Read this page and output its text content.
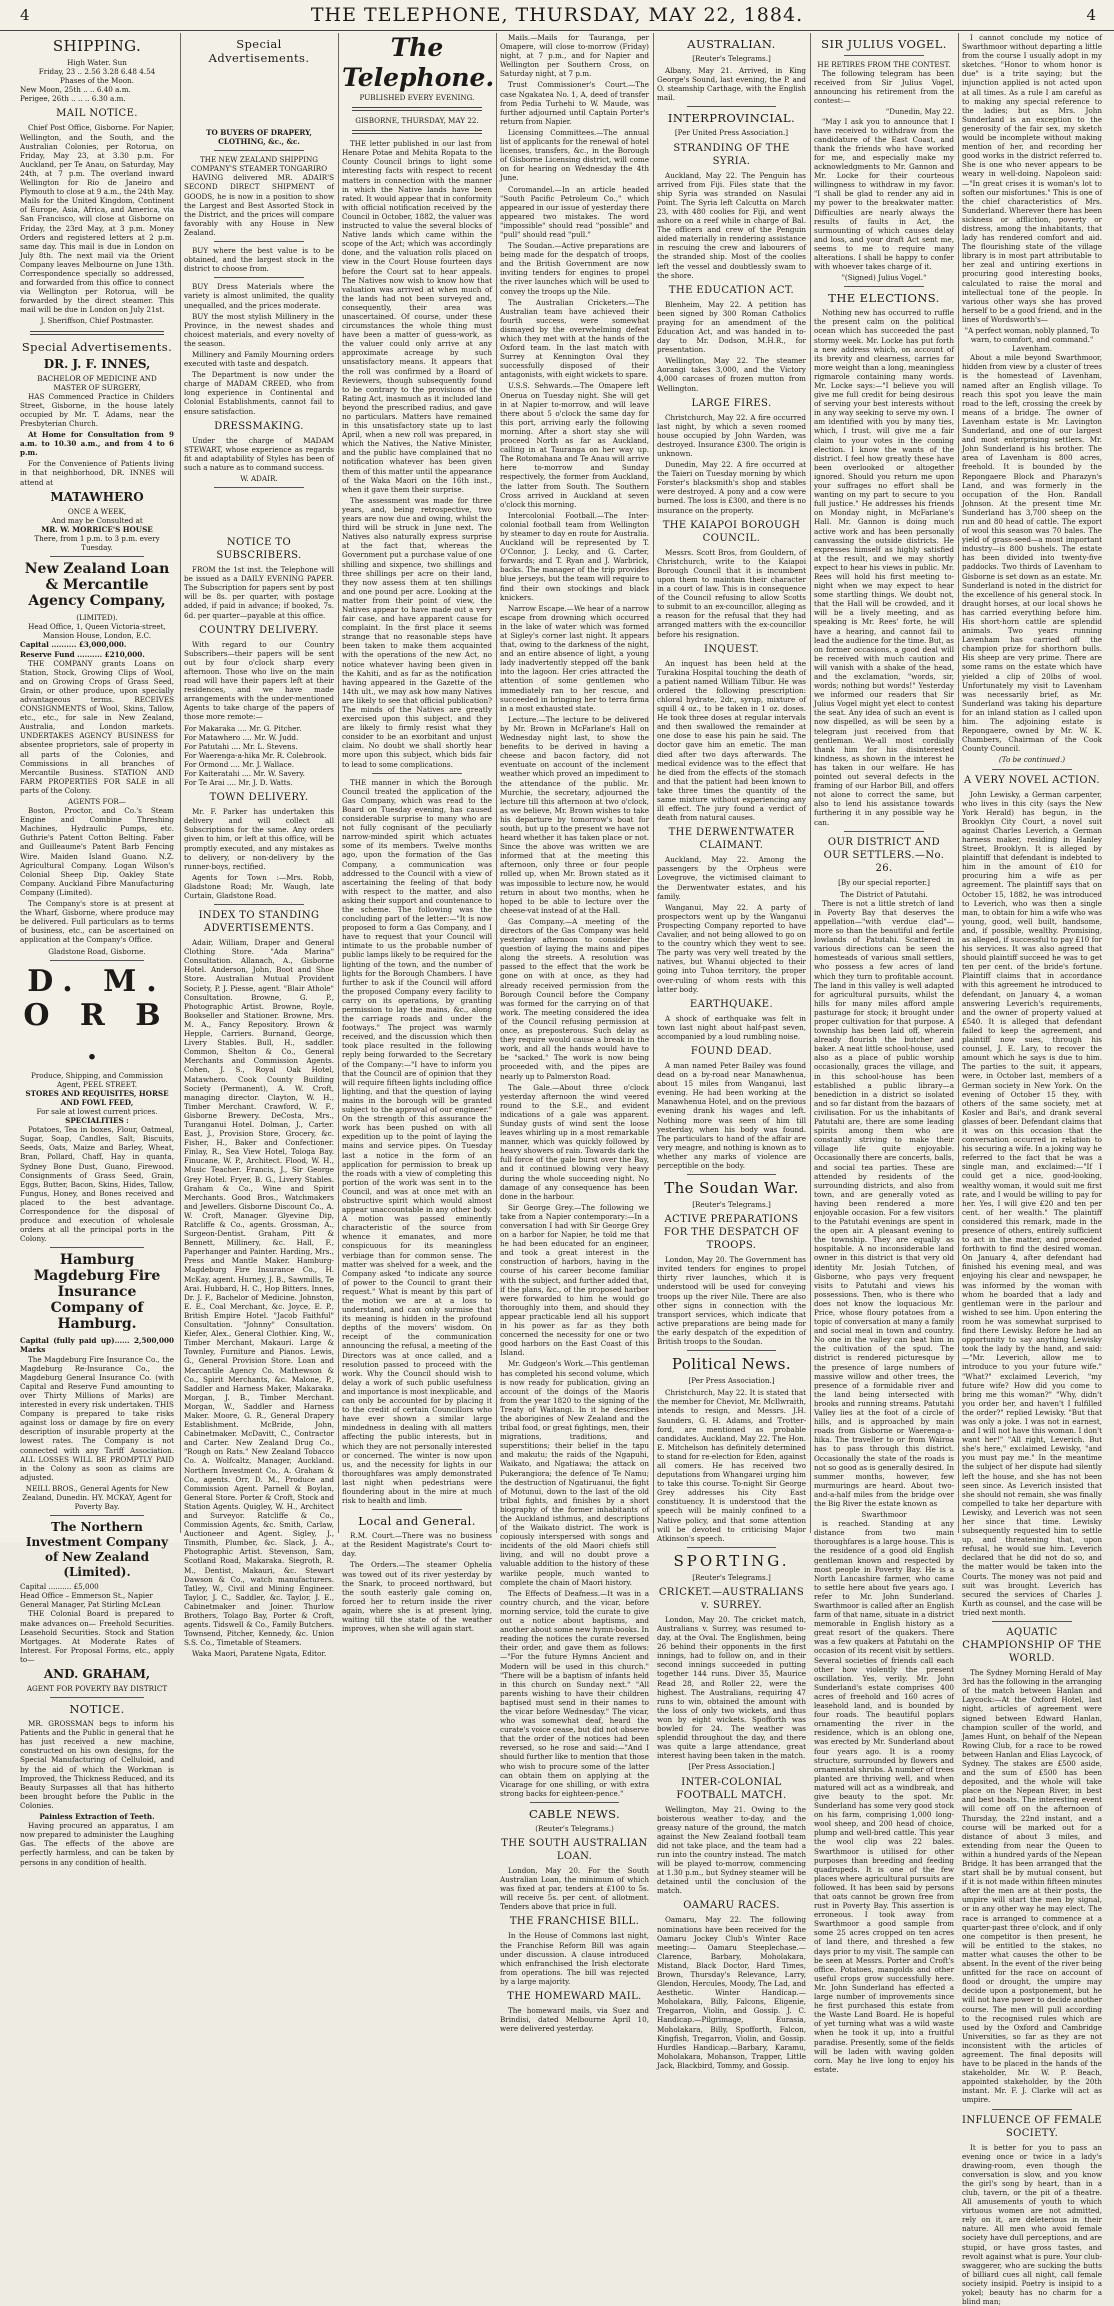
4	THE TELEPHONE, THURSDAY, MAY 22, 1884.	4
SHIPPING.
High Water. Sun
Friday, 23 .. 2.56 3.28 6.48 4.54
Phases of the Moon.
New Moon, 25th .. .. 6.40 a.m.
Perigee, 26th .. .. .. 6.30 a.m.
MAIL NOTICE.

Chief Post Office, Gisborne. For Napier, Wellington, and the South, and the Australian Colonies, per Rotorua, on Friday, May 23, at 3.30 p.m. For Auckland, per Te Anau, on Saturday, May 24th, at 7 p.m. The overland inward Wellington for Rio de Janeiro and Plymouth to close at 9 a.m., the 24th May. Mails for the United Kingdom, Continent of Europe, Asia, Africa, and America, via San Francisco, will close at Gisborne on Friday, the 23rd May, at 3 p.m. Money Orders and registered letters at 2 p.m. same day. This mail is due in London on July 8th. The next mail via the Orient Company leaves Melbourne on June 13th. Correspondence specially so addressed, and forwarded from this office to connect via Wellington per Rotorua, will be forwarded by the direct steamer. This mail will be due in London on July 21st.

J. Sheriffson, Chief Postmaster.
Special Advertisements.
DR. J. F. INNES,
BACHELOR OF MEDICINE AND MASTER OF SURGERY,

HAS Commenced Practice in Childers Street, Gisborne, in the house lately occupied by Mr. T. Adams, near the Presbyterian Church.

At Home for Consultation from 9 a.m. to 10.30 a.m., and from 4 to 6 p.m.

For the Convenience of Patients living in that neighborhood, DR. INNES will attend at

MATAWHERO
ONCE A WEEK,
And may be Consulted at
MR. W. MORRICE'S HOUSE
There, from 1 p.m. to 3 p.m. every Tuesday.
New Zealand Loan & Mercantile Agency Company,
(LIMITED).
Head Office, 1, Queen Victoria-street, Mansion House, London, E.C.
Capital .......... £3,000,000.
Reserve Fund .......... £210,000.

THE COMPANY grants Loans on Station, Stock, Growing Clips of Wool, and on Growing Crops of Grass Seed, Grain, or other produce, upon specially advantageous terms. RECEIVES CONSIGNMENTS of Wool, Skins, Tallow, etc., etc., for sale in New Zealand, Australia, and London markets. UNDERTAKES AGENCY BUSINESS for absentee proprietors, sale of property in all parts of the Colonies, and Commissions in all branches of Mercantile Business. STATION AND FARM PROPERTIES FOR SALE in all parts of the Colony.

AGENTS FOR—

Boston, Proctor, and Co.'s Steam Engine and Combine Threshing Machines, Hydraulic Pumps, etc. Guthrie's Patent Cotton Belting. Faber and Guilleaume's Patent Barb Fencing Wire. Maiden Island Guano. N.Z. Agricultural Company. Logan Wilson's Colonial Sheep Dip. Oakley State Company. Auckland Fibre Manufacturing Company (Limited).

The Company's store is at present at the Wharf, Gisborne, where produce may be delivered. Full particulars as to terms of business, etc., can be ascertained on application at the Company's Office.

Gladstone Road, Gisborne.
D. M. O R B .
Produce, Shipping, and Commission Agent, PEEL STREET.
STORES AND REQUISITES, HORSE AND FOWL FEED,
For sale at lowest current prices.
SPECIALITIES :

Potatoes, Tea in boxes, Flour, Oatmeal, Sugar, Soap, Candles, Salt, Biscuits, Seeds, Oats, Maize and Barley, Wheat, Bran, Pollard, Chaff, Hay in quanta, Sydney Bone Dust, Guano, Firewood. Consignments of Grass Seed, Grain, Eggs, Butter, Bacon, Skins, Hides, Tallow, Fungus, Honey, and Bones received and placed to the best advantage. Correspondence for the disposal of produce and execution of wholesale orders at all the principal ports in the Colony.

Hamburg Magdeburg Fire Insurance Company of Hamburg.
Capital (fully paid up)...... 2,500,000 Marks

The Magdeburg Fire Insurance Co., the Magdeburg Re-Insurance Co., the Magdeburg General Insurance Co. (with Capital and Reserve Fund amounting to over Thirty Millions of Marks) are interested in every risk undertaken. THIS Company is prepared to take risks against loss or damage by fire on every description of insurable property at the lowest rates. The Company is not connected with any Tariff Association. ALL LOSSES WILL BE PROMPTLY PAID in the Colony as soon as claims are adjusted.

NEILL BROS., General Agents for New Zealand, Dunedin. HY. MCKAY, Agent for Poverty Bay.
The Northern Investment Company of New Zealand (Limited).
Capital .......... £5,000
Head Office – Emmerson St., Napier
General Manager, Pat Stirling McLean

THE Colonial Board is prepared to make advances on— Freehold Securities. Leasehold Securities. Stock and Station Mortgages. At Moderate Rates of Interest. For Proposal Forms, etc., apply to—

AND. GRAHAM,
AGENT FOR POVERTY BAY DISTRICT
NOTICE.

MR. GROSSMAN begs to inform his Patients and the Public in general that he has just received a new machine, constructed on his own designs, for the Special Manufacturing of Celluloid, and by the aid of which the Workman is Improved, the Thickness Reduced, and its Beauty Surpasses all that has hitherto been brought before the Public in the Colonies.

Painless Extraction of Teeth.

Having procured an apparatus, I am now prepared to administer the Laughing Gas. The effects of the above are perfectly harmless, and can be taken by persons in any condition of health.

Special Advertisements.
TO BUYERS OF DRAPERY, CLOTHING, &c., &c.
THE NEW ZEALAND SHIPPING COMPANY'S STEAMER TONGARIRO

HAVING delivered MR. ADAIR'S SECOND DIRECT SHIPMENT of GOODS, he is now in a position to show the Largest and Best Assorted Stock in the District, and the prices will compare favorably with any House in New Zealand.

BUY where the best value is to be obtained, and the largest stock in the district to choose from.

BUY Dress Materials where the variety is almost unlimited, the quality unequalled, and the prices moderate.

BUY the most stylish Millinery in the Province, in the newest shades and choicest materials, and every novelty of the season.

Millinery and Family Mourning orders executed with taste and despatch.

The Department is now under the charge of MADAM CREED, who from long experience in Continental and Colonial Establishments, cannot fail to ensure satisfaction.

DRESSMAKING.

Under the charge of MADAM STEWART, whose experience as regards fit and adaptability of Styles has been of such a nature as to command success.

W. ADAIR.
NOTICE TO SUBSCRIBERS.

FROM the 1st inst. the Telephone will be issued as a DAILY EVENING PAPER. The Subscription for papers sent by post will be 8s. per quarter, with postage added, if paid in advance; if booked, 7s. 6d. per quarter—payable at this office.

COUNTRY DELIVERY.

With regard to our Country Subscribers—their papers will be sent out by four o'clock sharp every afternoon. Those who live on the main road will have their papers left at their residences, and we have made arrangements with the under-mentioned Agents to take charge of the papers of those more remote:—

For Makaraka .... Mr. G. Pitcher.
For Matawhero .... Mr. W. Judd.
For Patutahi .... Mr. L. Stevens.
For Waerenga-a-hika Mr. R. Colebrook.
For Ormond .... Mr. J. Wallace.
For Kaiteratahi .... Mr. W. Savery.
For Te Arai .... Mr. J. D. Watts.
TOWN DELIVERY.

Mr. F. Parker has undertaken this delivery and will collect all Subscriptions for the same. Any orders given to him, or left at this office, will be promptly executed, and any mistakes as to delivery, or non-delivery by the runner-boys, rectified.

Agents for Town :—Mrs. Robb, Gladstone Road; Mr. Waugh, late Curtain, Gladstone Road.

INDEX TO STANDING ADVERTISEMENTS.

Adair, William, Draper and General Clothing Store. "Ada Marina" Consultation. Allanach, A., Gisborne Hotel. Anderson, John, Boot and Shoe Store. Australian Mutual Provident Society, P. J. Piesse, agent. "Blair Athole" Consultation. Browne, G. P., Photographic Artist. Browne, Royle, Bookseller and Stationer. Browne, Mrs. M. A., Fancy Repository. Brown & Hepple, Carriers. Burnand, George, Livery Stables. Bull, H., saddler. Common, Shelton & Co., General Merchants and Commission Agents. Cohen, J. S., Royal Oak Hotel, Matawhero. Cook County Building Society (Permanent), A. W. Croft, managing director. Clayton, W. H., Timber Merchant. Crawford, W. F., Gisborne Brewery. DeCosta, Mrs., Turanganui Hotel. Dolman, J., Carter. East, J., Provision Store, Grocery, &c. Fisher, H., Baker and Confectioner. Finlay, R., Sea View Hotel, Tologa Bay. Finucane, W. P., Architect. Flood, W. H., Music Teacher. Francis, J., Sir George Grey Hotel. Fryer, B. G., Livery Stables. Graham & Co., Wine and Spirit Merchants. Good Bros., Watchmakers and Jewellers. Gisborne Discount Co., A. W. Croft, Manager. Glyevine Dip, Ratcliffe & Co., agents. Grossman, A., Surgeon-Dentist. Graham, Pitt & Bennett, Millinery, &c. Hall, F., Paperhanger and Painter. Harding, Mrs., Press and Mantle Maker. Hamburg-Magdeburg Fire Insurance Co., H. McKay, agent. Hurney, J. B., Sawmills, Te Arai. Hubbard, H. C., Hop Bitters. Innes, Dr. J. F., Bachelor of Medicine. Johnston, E. E., Coal Merchant, &c. Joyce, E. P., British Empire Hotel. "Jacob Faithful" Consultation. "Johnny" Consultation. Kiefer, Alex., General Clothier. King, W., Timber Merchant, Makauri. Large & Townley, Furniture and Pianos. Lewis, G., General Provision Store. Loan and Mercantile Agency Co. Mathewson & Co., Spirit Merchants, &c. Malone, P., Saddler and Harness Maker, Makaraka. Morgan, J. B., Timber Merchant. Morgan, W., Saddler and Harness Maker. Moore, G. R., General Drapery Establishment. McBride, John, Cabinetmaker. McDavitt, C., Contractor and Carter. New Zealand Drug Co., "Rough on Rats." New Zealand Tobacco Co. A. Wolfcaltz, Manager, Auckland. Northern Investment Co., A. Graham & Co., agents. Orr, D. M., Produce and Commission Agent. Parnell & Boylan, General Store. Porter & Croft, Stock and Station Agents. Quigley, W. H., Architect and Surveyor. Ratcliffe & Co., Commission Agents, &c. Smith, Carlaw, Auctioneer and Agent. Sigley, J., Tinsmith, Plumber, &c. Slack, J. A., Photographic Artist. Stevenson, Sam, Scotland Road, Makaraka. Siegroth, R. M., Dentist, Makauri, &c. Stewart Dawson & Co., watch manufacturers. Tatley, W., Civil and Mining Engineer. Taylor, J. C., Saddler, &c. Taylor, J. E., Cabinetmaker and Joiner. Thurlow Brothers, Tolago Bay, Porter & Croft, agents. Tidswell & Co., Family Butchers. Townsend, Pitcher, Kennedy, &c. Union S.S. Co., Timetable of Steamers.

Waka Maori, Paratene Ngata, Editor.

The Telephone.
PUBLISHED EVERY EVENING.
GISBORNE, THURSDAY, MAY 22.

THE letter published in our last from Henare Potae and Mehita Ropata to the County Council brings to light some interesting facts with respect to recent matters in connection with the manner in which the Native lands have been rated. It would appear that in conformity with official notification received by the Council in October, 1882, the valuer was instructed to value the several blocks of Native lands which came within the scope of the Act; which was accordingly done, and the valuation rolls placed on view in the Court House fourteen days before the Court sat to hear appeals. The Natives now wish to know how that valuation was arrived at when much of the lands had not been surveyed and, consequently, their area was unascertained. Of course, under these circumstances the whole thing must have been a matter of guess-work, as the valuer could only arrive at any approximate acreage by such unsatisfactory means. It appears that the roll was confirmed by a Board of Reviewers, though subsequently found to be contrary to the provisions of the Rating Act, inasmuch as it included land beyond the prescribed radius, and gave no particulars. Matters have remained in this unsatisfactory state up to last April, when a new roll was prepared, in which the Natives, the Native Minister, and the public have complained that no notification whatever has been given them of this matter until the appearance of the Waka Maori on the 16th inst., when it gave them their surprise.

The assessment was made for three years, and, being retrospective, two years are now due and owing, whilst the third will be struck in June next. The Natives also naturally express surprise at the fact that, whereas the Government put a purchase value of one shilling and sixpence, two shillings and three shillings per acre on their land, they now assess them at ten shillings and one pound per acre. Looking at the matter from their point of view, the Natives appear to have made out a very fair case, and have apparent cause for complaint. In the first place it seems strange that no reasonable steps have been taken to make them acquainted with the operations of the new Act, no notice whatever having been given in the Kahiti, and as far as the notification having appeared in the Gazette of the 14th ult., we may ask how many Natives are likely to see that official publication? The minds of the Natives are greatly exercised upon this subject, and they are likely to firmly resist what they consider to be an exorbitant and unjust claim. No doubt we shall shortly hear more upon this subject, which bids fair to lead to some complications.

THE manner in which the Borough Council treated the application of the Gas Company, which was read to the Board on Tuesday evening, has caused considerable surprise to many who are not fully cognisant of the peculiarly narrow-minded spirit which actuates some of its members. Twelve months ago, upon the formation of the Gas Company, a communication was addressed to the Council with a view of ascertaining the feeling of that body with respect to the matter, and also asking their support and countenance to the scheme. The following was the concluding part of the letter:—"It is now proposed to form a Gas Company, and I have to request that your Council will intimate to us the probable number of public lamps likely to be required for the lighting of the town, and the number of lights for the Borough Chambers. I have further to ask if the Council will afford the proposed Company every facility to carry on its operations, by granting permission to lay the mains, &c., along the carriage roads and under the footways." The project was warmly received, and the discussion which then took place resulted in the following reply being forwarded to the Secretary of the Company:—"I have to inform you that the Council are of opinion that they will require fifteen lights including office lighting, and that the question of laying mains in the borough will be granted subject to the approval of our engineer." On the strength of this assurance the work has been pushed on with all expedition up to the point of laying the mains and service pipes. On Tuesday last a notice in the form of an application for permission to break up the roads with a view of completing this portion of the work was sent in to the Council, and was at once met with an obstructive spirit which would almost appear unaccountable in any other body. A motion was passed eminently characteristic of the source from whence it emanates, and more conspicuous for its meaningless verbiage than for common sense. The matter was shelved for a week, and the Company asked "to indicate any source of power to the Council to grant their request." What is meant by this part of the motion we are at a loss to understand, and can only surmise that its meaning is hidden in the profound depths of the movers' wisdom. On receipt of the communication announcing the refusal, a meeting of the Directors was at once called, and a resolution passed to proceed with the work. Why the Council should wish to delay a work of such public usefulness and importance is most inexplicable, and can only be accounted for by placing it to the credit of certain Councillors who have ever shown a similar large mindedness in dealing with all matters affecting the public interests, but in which they are not personally interested or concerned. The winter is now upon us, and the necessity for lights in our thoroughfares was amply demonstrated last night when pedestrians were floundering about in the mire at much risk to health and limb.

Local and General.

R.M. Court.—There was no business at the Resident Magistrate's Court to-day.

The Orders.—The steamer Ophelia was towed out of its river yesterday by the Snark, to proceed northward, but the south easterly gale coming on, forced her to return inside the river again, where she is at present lying, waiting till the state of the weather improves, when she will again start.

Mails.—Mails for Tauranga, per Omapere, will close to-morrow (Friday) night, at 7 p.m., and for Napier and Wellington per Southern Cross, on Saturday night, at 7 p.m.

Trust Commissioner's Court.—The case Ngakatea No. 1, A, deed of transfer from Pedia Turhehi to W. Maude, was further adjourned until Captain Porter's return from Napier.

Licensing Committees.—The annual list of applicants for the renewal of hotel licenses, transfers, &c., in the Borough of Gisborne Licensing district, will come on for hearing on Wednesday the 4th June.

Coromandel.—In an article headed "South Pacific Petroleum Co.," which appeared in our issue of yesterday there appeared two mistakes. The word "impossible" should read "possible" and "pull" should read "pull."

The Soudan.—Active preparations are being made for the despatch of troops, and the British Government are now inviting tenders for engines to propel the river launches which will be used to convey the troops up the Nile.

The Australian Cricketers.—The Australian team have achieved their fourth success, were somewhat dismayed by the overwhelming defeat which they met with at the hands of the Oxford team. In the last match with Surrey at Kennington Oval they successfully disposed of their antagonists, with eight wickets to spare.

U.S.S. Sehwards.—The Omapere left Onerua on Tuesday night. She will get in at Napier to-morrow, and will leave there about 5 o'clock the same day for this port, arriving early the following morning. After a short stay she will proceed North as far as Auckland, calling in at Tauranga on her way up. The Rotomahana and Te Anau will arrive here to-morrow and Sunday respectively, the former from Auckland, the latter from South. The Southern Cross arrived in Auckland at seven o'clock this morning.

Intercolonial Football.—The Inter-colonial football team from Wellington by steamer to day en route for Australia. Auckland will be represented by T. O'Connor, J. Lecky, and G. Carter, forwards; and T. Ryan and J. Warbrick, backs. The manager of the trip provides blue jerseys, but the team will require to find their own stockings and black knickers.

Narrow Escape.—We hear of a narrow escape from drowning which occurred in the lake of water which was formed at Sigley's corner last night. It appears that, owing to the darkness of the night, and an entire absence of light, a young lady inadvertently stepped off the bank into the lagoon. Her cries attracted the attention of some gentlemen who immediately ran to her rescue, and succeeded in bringing her to terra firma in a most exhausted state.

Lecture.—The lecture to be delivered by Mr. Brown in McFarlane's Hall on Wednesday night last, to show the benefits to be derived in having a cheese and bacon factory, did not eventuate on account of the inclement weather which proved an impediment to the attendance of the public. Mr. Murchie, the secretary, adjourned the lecture till this afternoon at two o'clock, as we believe, Mr. Brown wishes to take his departure by tomorrow's boat for south, but up to the present we have not heard whether it has taken place or not. Since the above was written we are informed that at the meeting this afternoon, only three or four people rolled up, when Mr. Brown stated as it was impossible to lecture now, he would return in about two months, when he hoped to be able to lecture over the cheese-vat instead of at the Hall.

Gas Company.—A meeting of the directors of the Gas Company was held yesterday afternoon to consider the question of laying the mains and pipes along the streets. A resolution was passed to the effect that the work be gone on with at once, as they had already received permission from the Borough Council before the Company was formed for the carrying on of that work. The meeting considered the idea of the Council refusing permission at once, as preposterous. Such delay as they require would cause a break in the work, and all the hands would have to be "sacked." The work is now being proceeded with, and the pipes are nearly up to Palmerston Road.

The Gale.—About three o'clock yesterday afternoon the wind veered round to the S.E., and evident indications of a gale was apparent. Sunday gusts of wind sent the loose leaves whirling up in a most remarkable manner, which was quickly followed by heavy showers of rain. Towards dark the full force of the gale burst over the Bay, and it continued blowing very heavy during the whole succeeding night. No damage of any consequence has been done in the harbour.

Sir George Grey.—The following we take from a Napier contemporary:—In a conversation I had with Sir George Grey on a harbor for Napier, he told me that he had been educated for an engineer, and took a great interest in the construction of harbors, having in the course of his career become familiar with the subject, and further added that, if the plans, &c., of the proposed harbor were forwarded to him he would go thoroughly into them, and should they appear practicable lend all his support in his power as far as they both concerned the necessity for one or two good harbors on the East Coast of this Island.

Mr. Gudgeon's Work.—This gentleman has completed his second volume, which is now ready for publication, giving an account of the doings of the Maoris from the year 1820 to the signing of the Treaty of Waitangi. In it he describes the aborigines of New Zealand and the tribal food, or great fightings, men, their migrations, traditions, and superstitions; their belief in the tapu and makutu; the raids of the Ngapuhi, Waikato, and Ngatiawa; the attack on Pukerangiora; the defence of Te Namu; the destruction of Ngatiruanui, the fight of Motunui, down to the last of the old tribal fights, and finishes by a short biography of the former inhabitants of the Auckland isthmus, and descriptions of the Waikato district. The work is copiously interspersed with songs and incidents of the old Maori chiefs still living, and will no doubt prove a valuable addition to the history of these warlike people, much wanted to complete the chain of Maori history.

The Effects of Deafness.—It was in a country church, and the vicar, before morning service, told the curate to give out a notice about baptisms, and another about some new hymn-books. In reading the notices the curate reversed their order, and gave them as follows:—"For the future Hymns Ancient and Modern will be used in this church." "There will be a baptism of infants held in this church on Sunday next." "All parents wishing to have their children baptised must send in their names to the vicar before Wednesday." The vicar, who was somewhat deaf, heard the curate's voice cease, but did not observe that the order of the notices had been reversed, so he rose and said:—"And I should further like to mention that those who wish to procure some of the latter can obtain them on applying at the Vicarage for one shilling, or with extra strong backs for eighteen-pence."

CABLE NEWS.
(Reuter's Telegrams.)
THE SOUTH AUSTRALIAN LOAN.

London, May 20. For the South Australian Loan, the minimum of which was fixed at par, tenders at £100 to 5s. will receive 5s. per cent. of allotment. Tenders above that price in full.

THE FRANCHISE BILL.

In the House of Commons last night, the Franchise Reform Bill was again under discussion. A clause introduced which enfranchised the Irish electorate from operations. The bill was rejected by a large majority.

THE HOMEWARD MAIL.

The homeward mails, via Suez and Brindisi, dated Melbourne April 10, were delivered yesterday.

AUSTRALIAN.
[Reuter's Telegrams.]

Albany, May 21. Arrived, in King George's Sound, last evening, the P. and O. steamship Carthage, with the English mail.

INTERPROVINCIAL.
[Per United Press Association.]
STRANDING OF THE SYRIA.

Auckland, May 22. The Penguin has arrived from Fiji. Files state that the ship Syria was stranded on Nasulai Point. The Syria left Calcutta on March 23, with 480 coolies for Fiji, and went ashore on a reef while in charge of Bal. The officers and crew of the Penguin aided materially in rendering assistance in rescuing the crew and labourers of the stranded ship. Most of the coolies left the vessel and doubtlessly swam to the shore.

THE EDUCATION ACT.

Blenheim, May 22. A petition has been signed by 300 Roman Catholics praying for an amendment of the Education Act, and was handed in to-day to Mr. Dodson, M.H.R., for presentation.

Wellington, May 22. The steamer Aorangi takes 3,000, and the Victory 4,000 carcases of frozen mutton from Wellington.

LARGE FIRES.

Christchurch, May 22. A fire occurred last night, by which a seven roomed house occupied by John Warden, was destroyed. Insurance £300. The origin is unknown.

Dunedin, May 22. A fire occurred at the Taieri on Tuesday morning by which Forster's blacksmith's shop and stables were destroyed. A pony and a cow were burned. The loss is £300, and there is no insurance on the property.

THE KAIAPOI BOROUGH COUNCIL.

Messrs. Scott Bros, from Gouldern, of Christchurch, write to the Kaiapoi Borough Council that it is incumbent upon them to maintain their character in a court of law. This is in consequence of the Council refusing to allow Scotts to submit to an ex-councillor, alleging as a reason for the refusal that they had arranged matters with the ex-councillor before his resignation.

INQUEST.

An inquest has been held at the Turakina Hospital touching the death of a patient named William Tilbur. He was ordered the following prescription: chloral hydrate, 2dr., syrup, mixture of squill 4 oz., to be taken in 1 oz. doses. He took three doses at regular intervals and then swallowed the remainder at one dose to ease his pain he said. The doctor gave him an emetic. The man died after two days afterwards. The medical evidence was to the effect that he died from the effects of the stomach and that the patient had been known to take three times the quantity of the same mixture without experiencing any ill effect. The jury found a verdict of death from natural causes.

THE DERWENTWATER CLAIMANT.

Auckland, May 22. Among the passengers by the Orpheus were Lovegrove, the victimised claimant to the Derwentwater estates, and his family.

Wanganui, May 22. A party of prospectors went up by the Wanganui Prospecting Company reported to have Cavalier, and not being allowed to go on to the country which they went to see. The party was very well treated by the natives, but Whanui objected to their going into Tuhoa territory, the proper over-ruling of whom rests with this latter body.

EARTHQUAKE.

A shock of earthquake was felt in town last night about half-past seven, accompanied by a loud rumbling noise.

FOUND DEAD.

A man named Peter Bailey was found dead on a by-road near Manawhenua, about 15 miles from Wanganui, last evening. He had been working at the Manawhenua Hotel, and on the previous evening drank his wages and left. Nothing more was seen of him till yesterday, when his body was found. The particulars to hand of the affair are very meagre, and nothing is known as to whether any marks of violence are perceptible on the body.

The Soudan War.
[Reuter's Telegrams.]
ACTIVE PREPARATIONS FOR THE DESPATCH OF TROOPS.

London, May 20. The Government has invited tenders for engines to propel thirty river launches, which it is understood will be used for conveying troops up the river Nile. There are also other signs in connection with the transport services, which indicate that active preparations are being made for the early despatch of the expedition of British troops to the Soudan.

Political News.
[Per Press Association.]

Christchurch, May 22. It is stated that the member for Cheviot, Mr. McIlwraith, intends to resign, and Messrs. J.H. Saunders, G. H. Adams, and Trotter-ford, are mentioned as probable candidates. Auckland, May 22. The Hon. E. Mitchelson has definitely determined to stand for re-election for Eden, against all comers. He has received two deputations from Whangarei urging him to take this course. To-night Sir George Grey addresses his City East constituency. It is understood that the speech will be mainly confined to a Native policy, and that some attention will be devoted to criticising Major Atkinson's speech.

SPORTING.
[Reuter's Telegrams.]
CRICKET.—AUSTRALIANS v. SURREY.

London, May 20. The cricket match, Australians v. Surrey, was resumed to-day, at the Oval. The Englishmen, being 26 behind their opponents in the first innings, had to follow on, and in their second innings succeeded in putting together 144 runs. Diver 35, Maurice Read 28, and Roller 22, were the highest. The Australians, requiring 47 runs to win, obtained the amount with the loss of only two wickets, and thus won by eight wickets. Spofforth was bowled for 24. The weather was splendid throughout the day, and there was quite a large attendance, great interest having been taken in the match.

[Per Press Association.]
INTER-COLONIAL FOOTBALL MATCH.

Wellington, May 21. Owing to the boisterous weather to-day, and the greasy nature of the ground, the match against the New Zealand football team did not take place, and the team had a run into the country instead. The match will be played to-morrow, commencing at 1.30 p.m., but Sydney steamer will be detained until the conclusion of the match.

OAMARU RACES.

Oamaru, May 22. The following nominations have been received for the Oamaru Jockey Club's Winter Race meeting:— Oamaru Steeplechase.—Clarence, Barbary, Moholakara, Mistand, Black Doctor, Hard Times, Brown, Thursday's Relevance, Larry, Glendon, Hercules, Moody, The Lad, and Aesthetic. Winter Handicap.—Moholakara, Billy, Falcons, Eligenie, Tregarron, Violin, and Gossip. J. C. Handicap.—Pilgrimage, Eurasia, Moholakara, Billy, Spofforth, Falcon, Kingfish, Tregarron, Violin, and Gossip. Hurdles Handicap.—Barbary, Karamu, Moholakara, Mohanson, Trapper, Little Jack, Blackbird, Tommy, and Gossip.

SIR JULIUS VOGEL.
HE RETIRES FROM THE CONTEST.

The following telegram has been received from Sir Julius Vogel, announcing his retirement from the contest:—

"Dunedin, May 22.

"May I ask you to announce that I have received to withdraw from the candidature of the East Coast, and thank the friends who have worked for me, and especially make my acknowledgments to Mr. Gannon and Mr. Locke for their courteous willingness to withdraw in my favor. "I shall be glad to render any aid in my power to the breakwater matter. Difficulties are nearly always the results of faults in Act, the surmounting of which causes delay and loss, and your draft Act sent me, seems to me to require many alterations. I shall be happy to confer with whoever takes charge of it.

"(Signed) Julius Vogel."
THE ELECTIONS.

Nothing new has occurred to ruffle the present calm on the political ocean which has succeeded the past stormy week. Mr. Locke has put forth a new address which, on account of its brevity and clearness, carries far more weight than a long, meaningless rigmarole containing many words. Mr. Locke says:—"I believe you will give me full credit for being desirous of serving your best interests without in any way seeking to serve my own. I am identified with you by many ties, which, I trust, will give me a fair claim to your votes in the coming election. I know the wants of the district. I feel how greatly these have been overlooked or altogether ignored. Should you return me upon your suffrages no effort shall be wanting on my part to secure to you full justice." He addresses his friends on Monday night, in McFarlane's Hall. Mr. Gannon is doing much active work and has been personally canvassing the outside districts. He expresses himself as highly satisfied at the result, and we may shortly expect to hear his views in public. Mr. Rees will hold his first meeting to-night when we may expect to hear some startling things. We doubt not, that the Hall will be crowded, and it will be a lively meeting, and as speaking is Mr. Rees' forte, he will have a hearing, and cannot fail to lead the audience for the time. But, as on former occasions, a good deal will be received with much caution and will vanish with a shake of the head, and the exclamation, "words, sir, words; nothing but words!" Yesterday we informed our readers that Sir Julius Vogel might yet elect to contest the seat. Any idea of such an event is now dispelled, as will be seen by a telegram just received from that gentleman. We-all most cordially thank him for his disinterested kindness, as shown in the interest he has taken in our welfare. He has pointed out several defects in the framing of our Harbor Bill, and offers not alone to correct the same, but also to lend his assistance towards furthering it in any possible way he can.

OUR DISTRICT AND OUR SETTLERS.—No. 26.
[By our special reporter.]
The District of Patutahi.

There is not a little stretch of land in Poverty Bay that deserves the appellation—"with verdue clad"—more so than the beautiful and fertile lowlands of Patutahi. Scattered in various directions can be seen the homesteads of various small settlers, who possess a few acres of land which they turn to profitable account. The land in this valley is well adapted for agricultural pursuits, whilst the hills for many miles afford ample pasturage for stock; it brought under proper cultivation for that purpose. A township has been laid off, wherein already flourish the butcher and baker. A neat little school-house, used also as a place of public worship occasionally, graces the village, and in this school-house has been established a public library—a benediction in a district so isolated and so far distant from the bazaars of civilisation. For us the inhabitants of Patutahi are, there are some leading spirits among them who are constantly striving to make their village life quite enjoyable. Occasionally there are concerts, balls, and social tea parties. These are attended by residents of the surrounding districts, and also from town, and are generally voted as having been rendered a more enjoyable occasion. For a few visitors to the Patutahi evenings are spent in the open air. A pleasant evening to the township. They are equally as hospitable. A no inconsiderable land owner in this district is that very old identity Mr. Josiah Tutchen, of Gisborne, who pays very frequent visits to Patutahi and views his possessions. Then, who is there who does not know the loquacious Mr. Price, whose floury potatoes from a topic of conversation at many a family and social meal in town and country. No one in the valley can beat him in the cultivation of the spud. The district is rendered picturesque by the presence of large numbers of massive willow and other trees, the presence of a formidable river and the land being intersected with brooks and running streams. Patutahi Valley lies at the foot of a circle of hills, and is approached by main roads from Gisborne or Waerenga-a-hika. The traveller to or from Wairoa has to pass through this district. Occasionally the state of the roads is not so good as is generally desired. In summer months, however, few murmurings are heard. About two-and-a-half miles from the bridge over the Big River the estate known as

Swarthmoor

is reached. Standing at any distance from two main thoroughfares is a large house. This is the residence of a good old English gentleman known and respected by most people in Poverty Bay. He is a North Lancashire farmer, who came to settle here about five years ago. I refer to Mr. John Sunderland. Swarthmoor is called after an English farm of that name, situate in a district memorable in English history as a great resort of the quakers. There was a few quakers at Patutahi on the occasion of its recent visit by settlers. Several societies of friends call each other how violently the present oscillation. Yes, verily. Mr. John Sunderland's estate comprises 400 acres of freehold and 160 acres of leasehold land, and is bounded by four roads. The beautiful poplars ornamenting the river in the residence, which is an oblong one, was erected by Mr. Sunderland about four years ago. It is a roomy structure, surrounded by flowers and ornamental shrubs. A number of trees planted are thriving well, and when matured will act as a windbreak, and give beauty to the spot. Mr. Sunderland has some very good stock on his farm, comprising 1,000 long-wool sheep, and 200 head of choice, plump and well-bred cattle. This year the wool clip was 22 bales. Swarthmoor is utilised for other purposes than breeding and feeding quadrupeds. It is one of the few places where agricultural pursuits are followed. It has been said by persons that oats cannot be grown free from rust in Poverty Bay. This assertion is erroneous. I took away from Swarthmoor a good sample from some 25 acres cropped on ten acres of land there, and threshed a few days prior to my visit. The sample can be seen at Messrs. Porter and Croft's office. Potatoes, mangolds and other useful crops grow successfully here. Mr. John Sunderland has effected a large number of improvements since he first purchased this estate from the Waste Land Board. He is hopeful of yet turning what was a wild waste when he took it up, into a fruitful paradise. Presently, some of the fields will be laden with waving golden corn. May he live long to enjoy his estate.

I cannot conclude my notice of Swarthmoor without departing a little from the course I usually adopt in my sketches. "Honor to whom honor is due" is a trite saying; but the injunction applied is not acted upon at all times. As a rule I am careful as to making any special reference to the ladies; but as Mrs. John Sunderland is an exception to the generosity of the fair sex, my sketch would be incomplete without making mention of her, and recording her good works in the district referred to. She is one who never appears to be weary in well-doing. Napoleon said:—"In great crises it is woman's lot to soften our misfortunes." This is one of the chief characteristics of Mrs. Sunderland. Wherever there has been sickness or affliction, poverty or distress, among the inhabitants, that lady has rendered comfort and aid. The flourishing state of the village library is in most part attributable to her zeal and untiring exertions in procuring good interesting books, calculated to raise the moral and intellectual tone of the people. In various other ways she has proved herself to be a good friend, and in the lines of Wordsworth's—

"A perfect woman, nobly planned, To warn, to comfort, and command."
Lavenham.

About a mile beyond Swarthmoor, hidden from view by a cluster of trees is the homestead of Lavenham, named after an English village. To reach this spot you leave the main road to the left, crossing the creek by means of a bridge. The owner of Lavenham estate is Mr. Lavington Sunderland, and one of our largest and most enterprising settlers. Mr. John Sunderland is his brother. The area of Lavenham is 800 acres, freehold. It is bounded by the Repongaere Block and Pharazyn's Land, and was formerly in the occupation of the Hon. Randall Johnson. At the present time Mr. Sunderland has 3,700 sheep on the run and 80 head of cattle. The export of wool this season was 70 bales. The yield of grass-seed—a most important industry—is 800 bushels. The estate has been divided into twenty-five paddocks. Two thirds of Lavenham to Gisborne is set down as an estate. Mr. Sunderland is noted in the district for the excellence of his general stock. In draught horses, at our local shows he has carried everything before him. His short-horn cattle are splendid animals. Two years running Lavenham has carried off the champion prize for shorthorn bulls. His sheep are very prime. There are some rams on the estate which have yielded a clip of 20lbs of wool. Unfortunately my visit to Lavenham was necessarily brief, as Mr. Sunderland was taking his departure for an inland station as I called upon him. The adjoining estate is Repongaere, owned by Mr. W. K. Chambers, Chairman of the Cook County Council.

(To be continued.)
A VERY NOVEL ACTION.

John Lewisky, a German carpenter, who lives in this city (says the New York Herald) has begun, in the Brooklyn City Court, a novel suit against Charles Leverich, a German harness maker, residing in Hanley Street, Brooklyn. It is alleged by plaintiff that defendant is indebted to him in the amount of £10 for procuring him a wife as per agreement. The plaintiff says that on October 15, 1882, he was introduced to Leverich, who was then a single man, to obtain for him a wife who was young, good, well built, handsome, and, if possible, wealthy. Promising, as alleged, if successful to pay £10 for his services. It was also agreed that should plaintiff succeed he was to get ten per cent. of the bride's fortune. Plaintiff claims that in accordance with this agreement he introduced to defendant, on January 4, a woman answering Leverich's requirements, and the owner of property valued at £540. It is alleged that defendant failed to keep the agreement, and plaintiff now sues, through his counsel, J. E. Lary, to recover the amount which he says is due to him. The parties to the suit, it appears, were, in October last, members of a German society in New York. On the evening of October 15 they, with others of the same society, met at Kosler and Bai's, and drank several glasses of beer. Defendant claims that it was on this occasion that the conversation occurred in relation to his securing a wife. In a joking way he referred to the fact that he was a single man, and exclaimed:—"If I could get a nice, good-looking, wealthy woman, it would suit me first rate, and I would be willing to pay for her. Yes, I will give £20 and ten per cent. of her wealth." The plaintiff considered this remark, made in the presence of others, entirely sufficient to act in the matter, and proceeded forthwith to find the desired woman. On January 4, after defendant had finished his evening meal, and was enjoying his clear and newspaper, he was informed by the woman with whom he boarded that a lady and gentleman were in the parlour and wished to see him. Upon entering the room he was somewhat surprised to find there Lewisky. Before he had an opportunity to say anything Lewisky took the lady by the hand, and said:—"Mr. Leverich, allow me to introduce to you your future wife." "What?" exclaimed Leverich, "my future wife? How did you come to bring me this woman?" "Why, didn't you order her, and haven't I fulfilled the order?" replied Lewisky. "But that was only a joke. I was not in earnest, and I will not have this woman. I don't want her!" "All right, Leverich. But she's here," exclaimed Lewisky, "and you must pay me." In the meantime the subject of her dispute had silently left the house, and she has not been seen since. As Leverich insisted that she should not remain, she was finally compelled to take her departure with Lewisky, and Leverich was not seen her since that time. Lewisky subsequently requested him to settle up, and threatening that, upon refusal, he would sue him. Leverich declared that he did not do so, and the matter would be taken into the Courts. The money was not paid and suit was brought. Leverich has secured the services of Charles J. Kurth as counsel, and the case will be tried next month.

AQUATIC CHAMPIONSHIP OF THE WORLD.

The Sydney Morning Herald of May 3rd has the following in the arranging of the match between Hanlan and Laycock:—At the Oxford Hotel, last night, articles of agreement were signed between Edward Hanlan, champion sculler of the world, and James Hunt, on behalf of the Nepean Rowing Club, for a race to be rowed between Hanlan and Elias Laycock, of Sydney. The stakes are £500 aside, and the sum of £500 has been deposited, and the whole will take place on the Nepean River, in best and best boats. The interesting event will come off on the afternoon of Thursday, the 22nd instant, and a course will be marked out for a distance of about 3 miles, and extending from near the Queen to within a hundred yards of the Nepean Bridge. It has been arranged that the start shall be by mutual consent, but if it is not made within fifteen minutes after the men are at their posts, the umpire will start the men by signal, or in any other way he may elect. The race is arranged to commence at a quarter-past three o'clock, and if only one competitor is then present, he will be entitled to the stakes, no matter what causes the other to be absent. In the event of the river being unfitted for the race on account of flood or drought, the umpire may decide upon a postponement, but he will not have power to decide another course. The men will pull according to the recognised rules which are used by the Oxford and Cambridge Universities, so far as they are not inconsistent with the articles of agreement. The final deposits will have to be placed in the hands of the stakeholder, Mr. W. P. Beach, appointed stakeholder, by the 20th instant. Mr. F. J. Clarke will act as umpire.

INFLUENCE OF FEMALE SOCIETY.

It is better for you to pass an evening once or twice in a lady's drawing-room, even though the conversation is slow, and you know the girl's song by heart, than in a club, tavern, or the pit of a theatre. All amusements of youth to which virtuous women are not admitted, rely on it, are deleterious in their nature. All men who avoid female society have dull perceptions, and are stupid, or have gross tastes, and revolt against what is pure. Your club-swaggerer, who are sucking the butts of billiard cues all night, call female society insipid. Poetry is insipid to a yokel; beauty has no charm for a blind man;
